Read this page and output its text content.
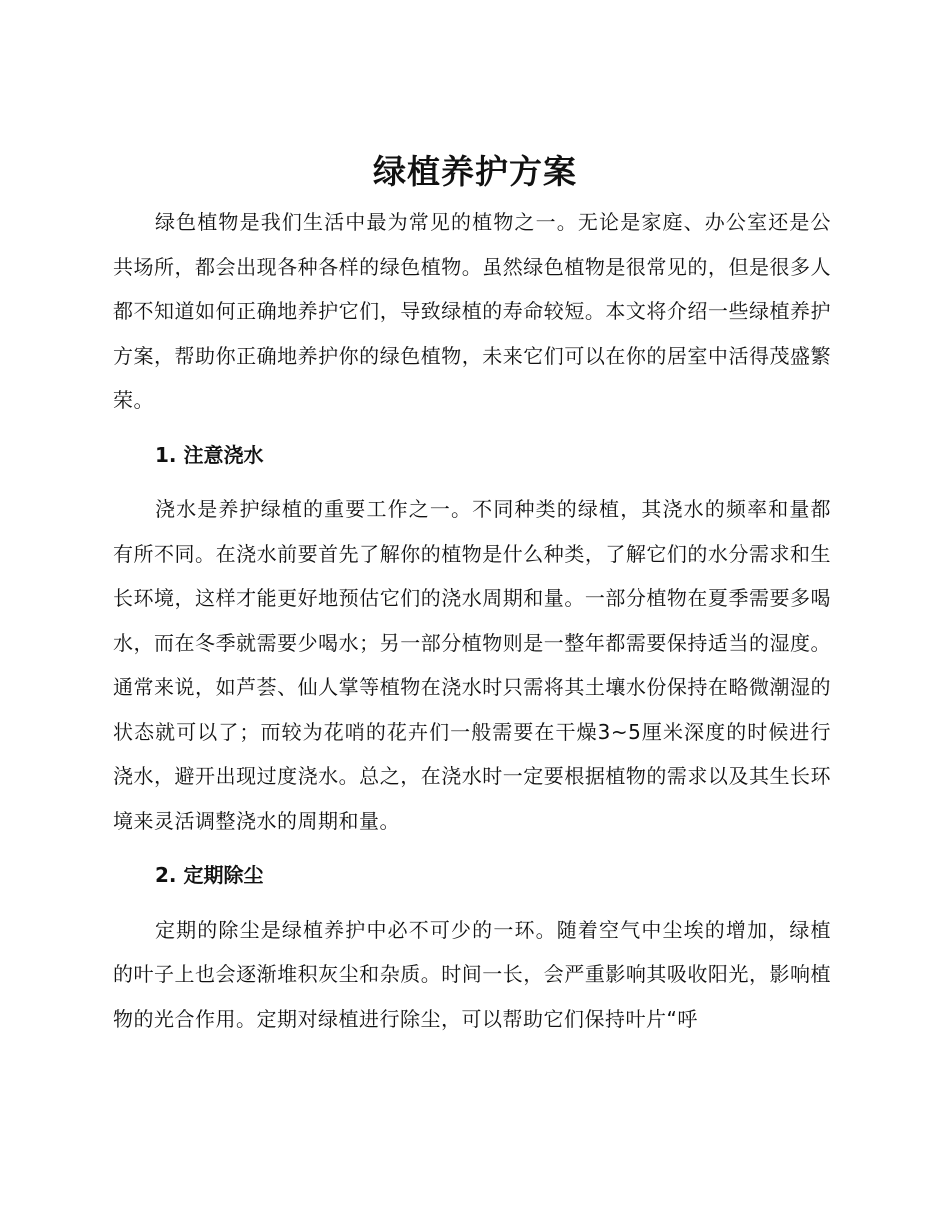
绿植养护方案

绿色植物是我们生活中最为常见的植物之一。无论是家庭、办公室还是公共场所，都会出现各种各样的绿色植物。虽然绿色植物是很常见的，但是很多人都不知道如何正确地养护它们，导致绿植的寿命较短。本文将介绍一些绿植养护方案，帮助你正确地养护你的绿色植物，未来它们可以在你的居室中活得茂盛繁荣。

1. 注意浇水

浇水是养护绿植的重要工作之一。不同种类的绿植，其浇水的频率和量都有所不同。在浇水前要首先了解你的植物是什么种类，了解它们的水分需求和生长环境，这样才能更好地预估它们的浇水周期和量。一部分植物在夏季需要多喝水，而在冬季就需要少喝水；另一部分植物则是一整年都需要保持适当的湿度。通常来说，如芦荟、仙人掌等植物在浇水时只需将其土壤水份保持在略微潮湿的状态就可以了；而较为花哨的花卉们一般需要在干燥3~5厘米深度的时候进行浇水，避开出现过度浇水。总之，在浇水时一定要根据植物的需求以及其生长环境来灵活调整浇水的周期和量。

2. 定期除尘

定期的除尘是绿植养护中必不可少的一环。随着空气中尘埃的增加，绿植的叶子上也会逐渐堆积灰尘和杂质。时间一长，会严重影响其吸收阳光，影响植物的光合作用。定期对绿植进行除尘，可以帮助它们保持叶片“呼
